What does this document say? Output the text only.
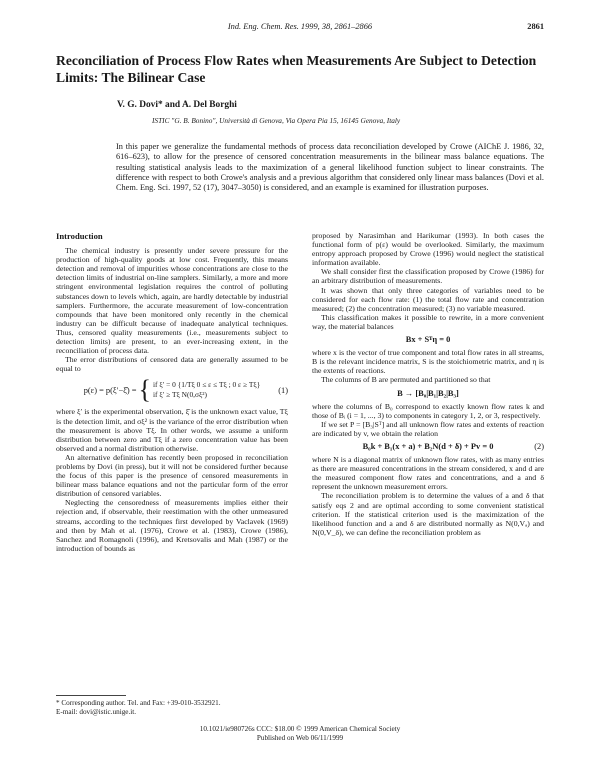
Ind. Eng. Chem. Res. 1999, 38, 2861–2866	2861
Reconciliation of Process Flow Rates when Measurements Are Subject to Detection Limits: The Bilinear Case
V. G. Dovi* and A. Del Borghi
ISTIC "G. B. Bonino", Università di Genova, Via Opera Pia 15, 16145 Genova, Italy
In this paper we generalize the fundamental methods of process data reconciliation developed by Crowe (AIChE J. 1986, 32, 616–623), to allow for the presence of censored concentration measurements in the bilinear mass balance equations. The resulting statistical analysis leads to the maximization of a general likelihood function subject to linear constraints. The difference with respect to both Crowe's analysis and a previous algorithm that considered only linear mass balances (Dovi et al. Chem. Eng. Sci. 1997, 52 (17), 3047–3050) is considered, and an example is examined for illustration purposes.
Introduction

The chemical industry is presently under severe pressure for the production of high-quality goods at low cost. Frequently, this means detection and removal of impurities whose concentrations are close to the detection limits of industrial on-line samplers. Similarly, a more and more stringent environmental legislation requires the control of polluting substances down to levels which, again, are hardly detectable by industrial samplers. Furthermore, the accurate measurement of low-concentration compounds that have been monitored only recently in the chemical industry can be difficult because of inadequate analytical techniques. Thus, censored quality measurements (i.e., measurements subject to detection limits) are present, to an ever-increasing extent, in the reconciliation of process data.

The error distributions of censored data are generally assumed to be equal to

p(ε) = p(ξ′−ξ̂) = { if ξ′ = 0 {1/Tξ 0 ≤ ε ≤ Tξ ; 0 ε ≥ Tξ}
if ξ′ ≥ Tξ N(0,σξ²)
(1)

where ξ′ is the experimental observation, ξ̂ is the unknown exact value, Tξ is the detection limit, and σξ² is the variance of the error distribution when the measurement is above Tξ. In other words, we assume a uniform distribution between zero and Tξ if a zero concentration value has been observed and a normal distribution otherwise.

An alternative definition has recently been proposed in reconciliation problems by Dovi (in press), but it will not be considered further because the focus of this paper is the presence of censored measurements in bilinear mass balance equations and not the particular form of the error distribution of censored variables.

Neglecting the censoredness of measurements implies either their rejection and, if observable, their reestimation with the other unmeasured streams, according to the techniques first developed by Vaclavek (1969) and then by Mah et al. (1976), Crowe et al. (1983), Crowe (1986), Sanchez and Romagnoli (1996), and Kretsovalis and Mah (1987) or the introduction of bounds as

proposed by Narasimhan and Harikumar (1993). In both cases the functional form of p(ε) would be overlooked. Similarly, the maximum entropy approach proposed by Crowe (1996) would neglect the statistical information available.

We shall consider first the classification proposed by Crowe (1986) for an arbitrary distribution of measurements.

It was shown that only three categories of variables need to be considered for each flow rate: (1) the total flow rate and concentration measured; (2) the concentration measured; (3) no variable measured.

This classification makes it possible to rewrite, in a more convenient way, the material balances

Bx + Sᵀη = 0

where x is the vector of true component and total flow rates in all streams, B is the relevant incidence matrix, S is the stoichiometric matrix, and η is the extents of reactions.

The columns of B are permuted and partitioned so that

B → [B₀|B₁|B₂|B₃]

where the columns of B₀ correspond to exactly known flow rates k and those of Bᵢ (i = 1, ..., 3) to components in category 1, 2, or 3, respectively.

If we set P = [B₃|Sᵀ] and all unknown flow rates and extents of reaction are indicated by v, we obtain the relation

B₀k + B₁(x + a) + B₂N(d + δ) + Pv = 0	(2)

where N is a diagonal matrix of unknown flow rates, with as many entries as there are measured concentrations in the stream considered, x and d are the measured component flow rates and concentrations, and a and δ represent the unknown measurement errors.

The reconciliation problem is to determine the values of a and δ that satisfy eqs 2 and are optimal according to some convenient statistical criterion. If the statistical criterion used is the maximization of the likelihood function and a and δ are distributed normally as N(0,Vₐ) and N(0,V_δ), we can define the reconciliation problem as

* Corresponding author. Tel. and Fax: +39-010-3532921.
E-mail: dovi@istic.unige.it.
10.1021/ie980726s CCC: $18.00 © 1999 American Chemical Society
Published on Web 06/11/1999
